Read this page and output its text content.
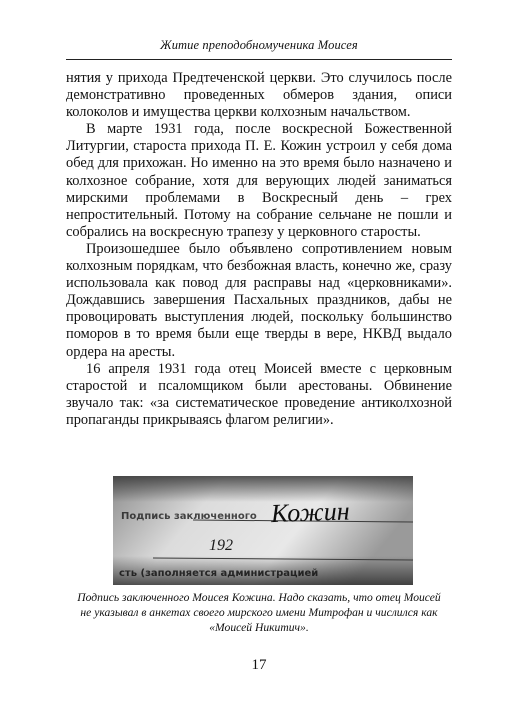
Житие преподобномученика Моисея

нятия у прихода Предтеченской церкви. Это случилось после демонстративно проведенных обмеров здания, описи колоколов и имущества церкви колхозным начальством.

В марте 1931 года, после воскресной Божественной Литургии, староста прихода П. Е. Кожин устроил у себя дома обед для прихожан. Но именно на это время было назначено и колхозное собрание, хотя для верующих людей заниматься мирскими проблемами в Воскресный день – грех непростительный. Потому на собрание сельчане не пошли и собрались на воскресную трапезу у церковного старосты.

Произошедшее было объявлено сопротивлением новым колхозным порядкам, что безбожная власть, конечно же, сразу использовала как повод для расправы над «церковниками». Дождавшись завершения Пасхальных праздников, дабы не провоцировать выступления людей, поскольку большинство поморов в то время были еще тверды в вере, НКВД выдало ордера на аресты.

16 апреля 1931 года отец Моисей вместе с церковным старостой и псаломщиком были арестованы. Обвинение звучало так: «за систематическое проведение антиколхозной пропаганды прикрываясь флагом религии».

Подпись заключенного Кожин
192
сть (заполняется администрацией
Подпись заключенного Моисея Кожина. Надо сказать, что отец Моисей не указывал в анкетах своего мирского имени Митрофан и числился как «Моисей Никитич».
17
